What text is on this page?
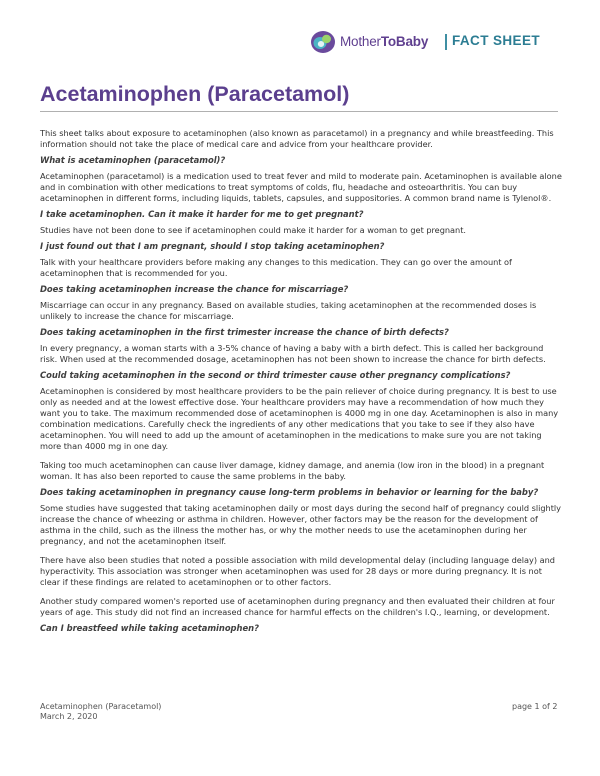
MotherToBaby FACT SHEET
Acetaminophen (Paracetamol)

This sheet talks about exposure to acetaminophen (also known as paracetamol) in a pregnancy and while breastfeeding. This information should not take the place of medical care and advice from your healthcare provider.

What is acetaminophen (paracetamol)?

Acetaminophen (paracetamol) is a medication used to treat fever and mild to moderate pain. Acetaminophen is available alone and in combination with other medications to treat symptoms of colds, flu, headache and osteoarthritis. You can buy acetaminophen in different forms, including liquids, tablets, capsules, and suppositories. A common brand name is Tylenol®.

I take acetaminophen. Can it make it harder for me to get pregnant?

Studies have not been done to see if acetaminophen could make it harder for a woman to get pregnant.

I just found out that I am pregnant, should I stop taking acetaminophen?

Talk with your healthcare providers before making any changes to this medication. They can go over the amount of acetaminophen that is recommended for you.

Does taking acetaminophen increase the chance for miscarriage?

Miscarriage can occur in any pregnancy. Based on available studies, taking acetaminophen at the recommended doses is unlikely to increase the chance for miscarriage.

Does taking acetaminophen in the first trimester increase the chance of birth defects?

In every pregnancy, a woman starts with a 3-5% chance of having a baby with a birth defect. This is called her background risk. When used at the recommended dosage, acetaminophen has not been shown to increase the chance for birth defects.

Could taking acetaminophen in the second or third trimester cause other pregnancy complications?

Acetaminophen is considered by most healthcare providers to be the pain reliever of choice during pregnancy. It is best to use only as needed and at the lowest effective dose. Your healthcare providers may have a recommendation of how much they want you to take. The maximum recommended dose of acetaminophen is 4000 mg in one day. Acetaminophen is also in many combination medications. Carefully check the ingredients of any other medications that you take to see if they also have acetaminophen. You will need to add up the amount of acetaminophen in the medications to make sure you are not taking more than 4000 mg in one day.

Taking too much acetaminophen can cause liver damage, kidney damage, and anemia (low iron in the blood) in a pregnant woman. It has also been reported to cause the same problems in the baby.

Does taking acetaminophen in pregnancy cause long-term problems in behavior or learning for the baby?

Some studies have suggested that taking acetaminophen daily or most days during the second half of pregnancy could slightly increase the chance of wheezing or asthma in children. However, other factors may be the reason for the development of asthma in the child, such as the illness the mother has, or why the mother needs to use the acetaminophen during her pregnancy, and not the acetaminophen itself.

There have also been studies that noted a possible association with mild developmental delay (including language delay) and hyperactivity. This association was stronger when acetaminophen was used for 28 days or more during pregnancy. It is not clear if these findings are related to acetaminophen or to other factors.

Another study compared women's reported use of acetaminophen during pregnancy and then evaluated their children at four years of age. This study did not find an increased chance for harmful effects on the children's I.Q., learning, or development.

Can I breastfeed while taking acetaminophen?

Acetaminophen (Paracetamol)
March 2, 2020
page 1 of 2
